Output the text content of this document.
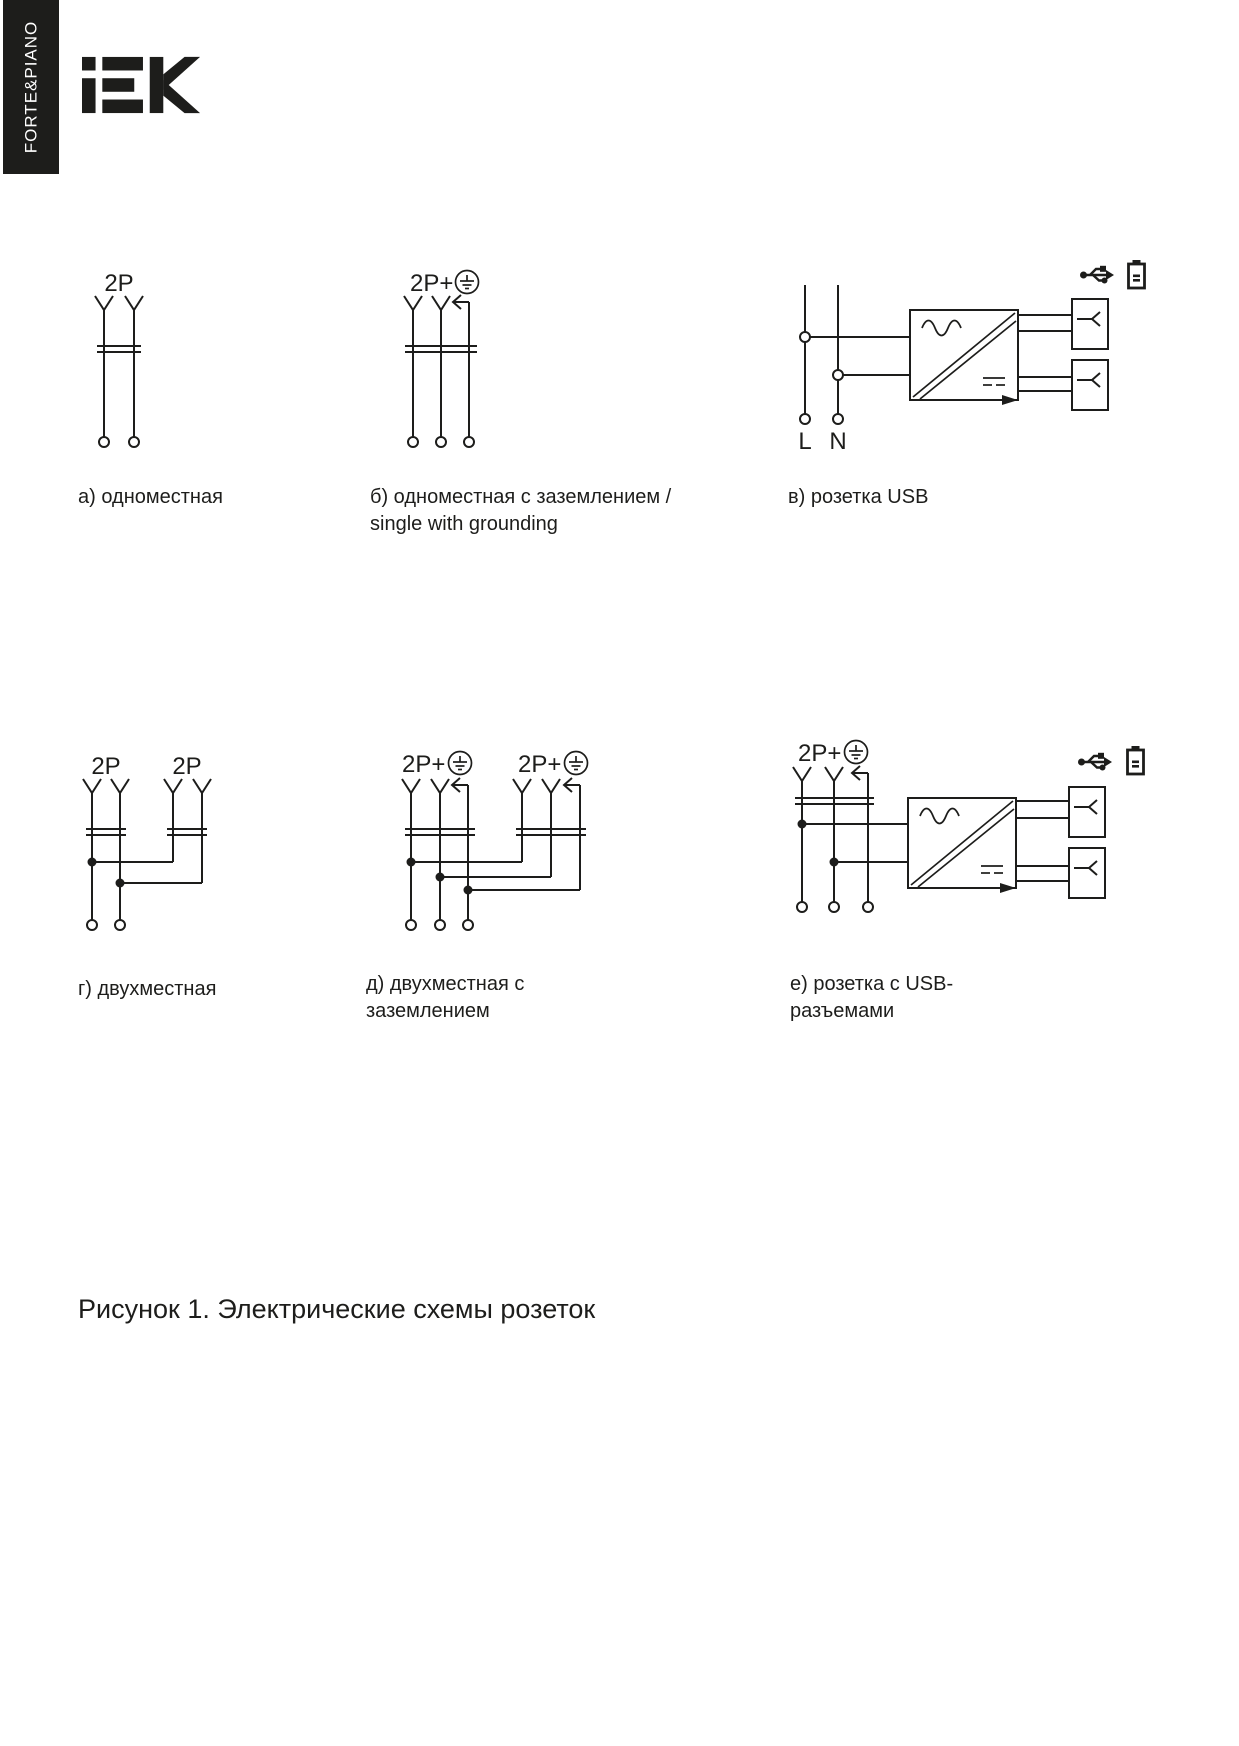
FORTE&PIANO
2P	2P+
L N
2P 2P	2P+	2P+	2P+
а) одноместная	б) одноместная с заземлением /
single with grounding
в) розетка USB
г) двухместная	д) двухместная с
заземлением
е) розетка с USB-
разъемами
Рисунок 1. Электрические схемы розеток
